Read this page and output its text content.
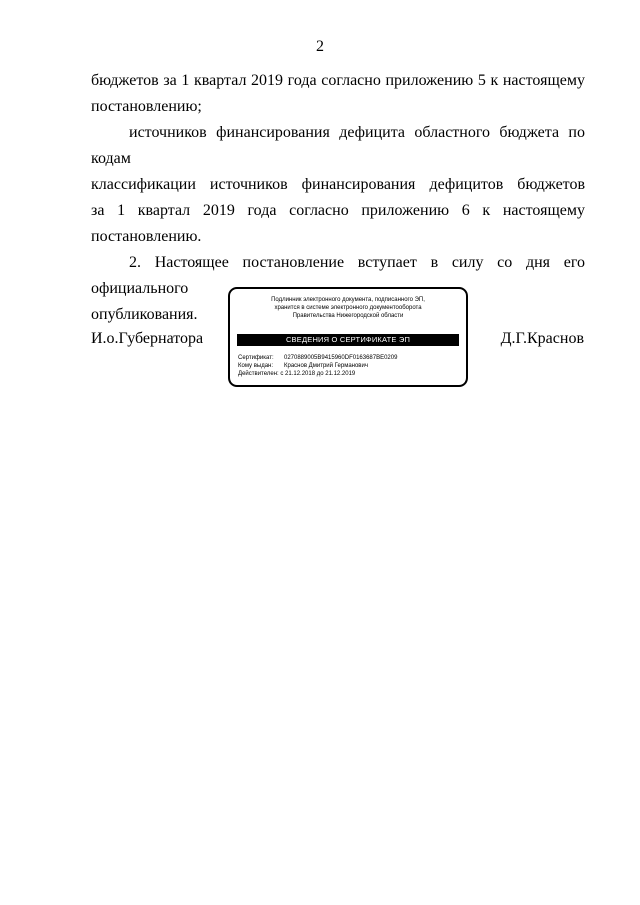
2

бюджетов за 1 квартал 2019 года согласно приложению 5 к настоящему
постановлению;

источников финансирования дефицита областного бюджета по кодам
классификации источников финансирования дефицитов бюджетов
за 1 квартал 2019 года согласно приложению 6 к настоящему
постановлению.

2. Настоящее постановление вступает в силу со дня его официального
опубликования.

И.о.Губернатора
Подлинник электронного документа, подписанного ЭП,
хранится в системе электронного документооборота
Правительства Нижегородской области
СВЕДЕНИЯ О СЕРТИФИКАТЕ ЭП
Сертификат: 0270889005B9415960DF0163687BE0209
Кому выдан: Краснов Дмитрий Германович
Действителен: с 21.12.2018 до 21.12.2019
Д.Г.Краснов
